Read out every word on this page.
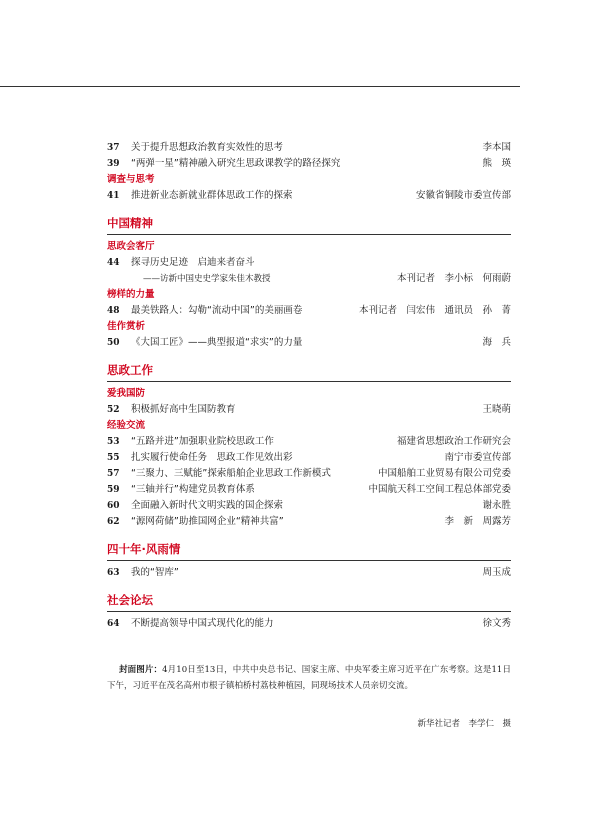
37	关于提升思想政治教育实效性的思考	李本国
39	“两弹一星”精神融入研究生思政课教学的路径探究	熊　瑛
调查与思考
41	推进新业态新就业群体思政工作的探索	安徽省铜陵市委宣传部
中国精神
思政会客厅
44	探寻历史足迹　启迪来者奋斗
——访新中国史史学家朱佳木教授	本刊记者　李小标　何雨蔚
榜样的力量
48	最美铁路人：勾勒“流动中国”的美丽画卷	本刊记者　闫宏伟　通讯员　孙　菁
佳作赏析
50	《大国工匠》——典型报道“求实”的力量	海　兵
思政工作
爱我国防
52	积极抓好高中生国防教育	王晓萌
经验交流
53	“五路并进”加强职业院校思政工作	福建省思想政治工作研究会
55	扎实履行使命任务　思政工作见效出彩	南宁市委宣传部
57	“三聚力、三赋能”探索船舶企业思政工作新模式	中国船舶工业贸易有限公司党委
59	“三轴并行”构建党员教育体系	中国航天科工空间工程总体部党委
60	全面融入新时代文明实践的国企探索	谢永胜
62	“源网荷储”助推国网企业“精神共富”	李　新　周露芳
四十年·风雨情
63	我的“智库”	周玉成
社会论坛
64	不断提高领导中国式现代化的能力	徐文秀
封面图片：4月10日至13日，中共中央总书记、国家主席、中央军委主席习近平在广东考察。这是11日下午，习近平在茂名高州市根子镇柏桥村荔枝种植园，同现场技术人员亲切交流。
新华社记者　李学仁　摄
